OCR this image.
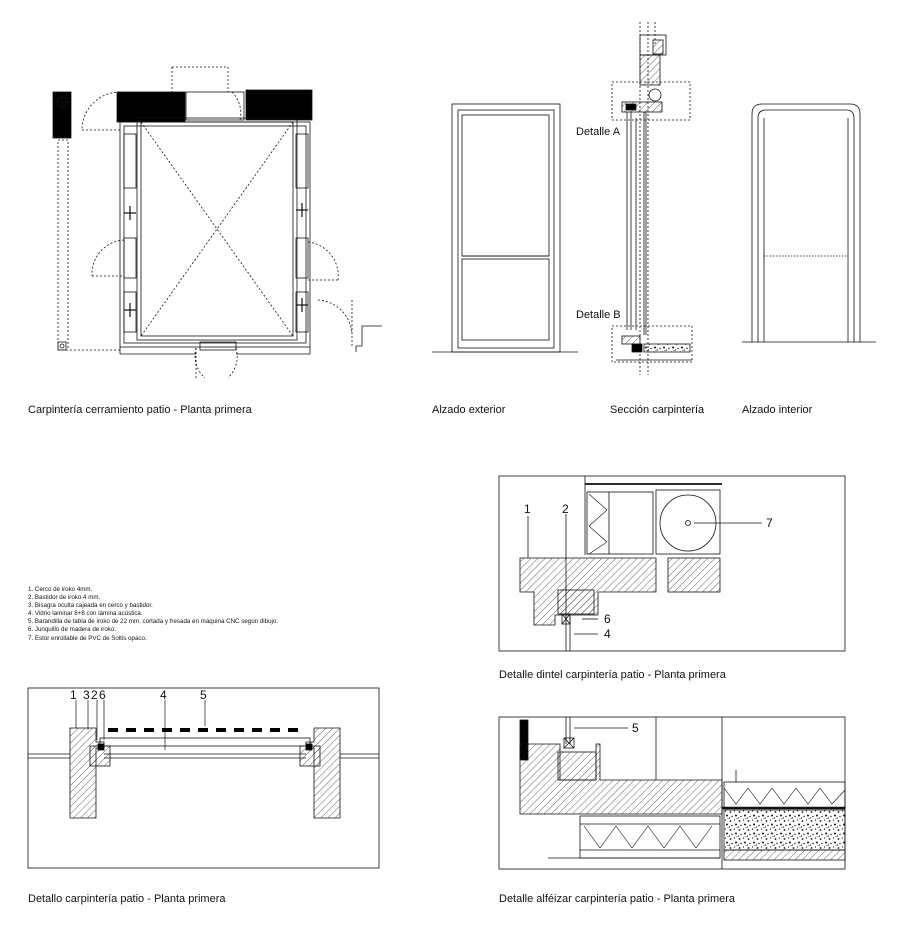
Carpintería cerramiento patio - Planta primera	Alzado exterior	Sección carpintería	Alzado interior
Detalle A
Detalle B
1. Cerco de iroko 4mm.
2. Bastidor de iroko 4 mm.
3. Bisagra oculta cajeada en cerco y bastidor.
4. Vidrio laminar 8+8 con lámina acústica.
5. Barandilla de tabla de iroko de 22 mm. cortada y fresada en máquina CNC según dibujo.
6. Junquillo de madera de iroko.
7. Estor enrollable de PVC de Soltis opaco.
1	2
7
6
4
Detalle dintel carpintería patio - Planta primera
1 3 2 6	4	5
Detallo carpintería patio - Planta primera
5
Detalle alféizar carpintería patio - Planta primera
